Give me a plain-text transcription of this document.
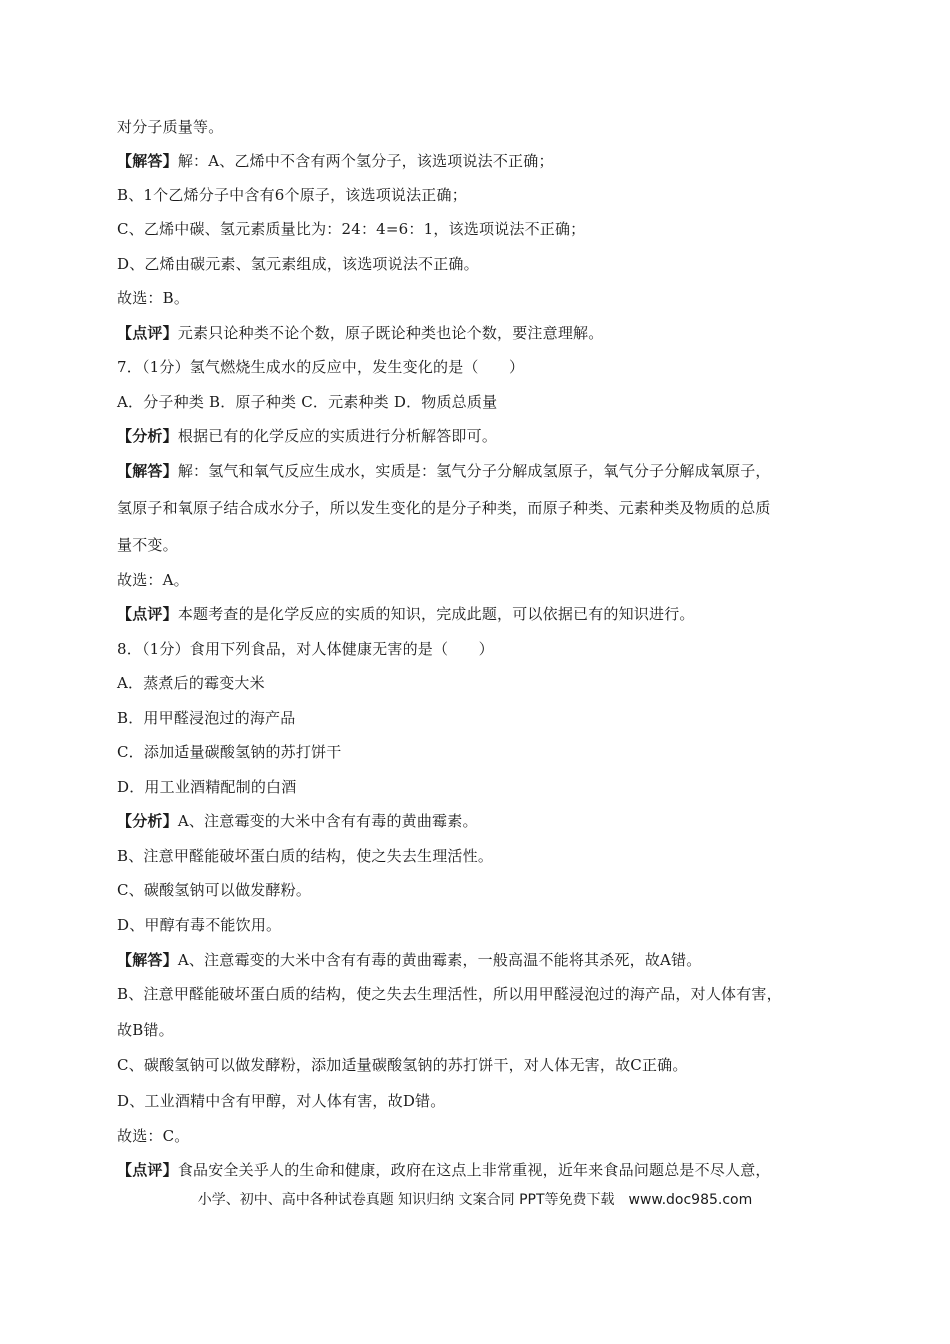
对分子质量等。
【解答】解：A、乙烯中不含有两个氢分子，该选项说法不正确；
B、1个乙烯分子中含有6个原子，该选项说法正确；
C、乙烯中碳、氢元素质量比为：24：4=6：1，该选项说法不正确；
D、乙烯由碳元素、氢元素组成，该选项说法不正确。
故选：B。
【点评】元素只论种类不论个数，原子既论种类也论个数，要注意理解。
7．（1分）氢气燃烧生成水的反应中，发生变化的是（　　）
A．分子种类 B．原子种类 C．元素种类 D．物质总质量
【分析】根据已有的化学反应的实质进行分析解答即可。
【解答】解：氢气和氧气反应生成水，实质是：氢气分子分解成氢原子，氧气分子分解成氧原子，
氢原子和氧原子结合成水分子，所以发生变化的是分子种类，而原子种类、元素种类及物质的总质
量不变。
故选：A。
【点评】本题考查的是化学反应的实质的知识，完成此题，可以依据已有的知识进行。
8．（1分）食用下列食品，对人体健康无害的是（　　）
A．蒸煮后的霉变大米
B．用甲醛浸泡过的海产品
C．添加适量碳酸氢钠的苏打饼干
D．用工业酒精配制的白酒
【分析】A、注意霉变的大米中含有有毒的黄曲霉素。
B、注意甲醛能破坏蛋白质的结构，使之失去生理活性。
C、碳酸氢钠可以做发酵粉。
D、甲醇有毒不能饮用。
【解答】A、注意霉变的大米中含有有毒的黄曲霉素，一般高温不能将其杀死，故A错。
B、注意甲醛能破坏蛋白质的结构，使之失去生理活性，所以用甲醛浸泡过的海产品，对人体有害，
故B错。
C、碳酸氢钠可以做发酵粉，添加适量碳酸氢钠的苏打饼干，对人体无害，故C正确。
D、工业酒精中含有甲醇，对人体有害，故D错。
故选：C。
【点评】食品安全关乎人的生命和健康，政府在这点上非常重视，近年来食品问题总是不尽人意，
小学、初中、高中各种试卷真题 知识归纳 文案合同 PPT等免费下载　www.doc985.com
